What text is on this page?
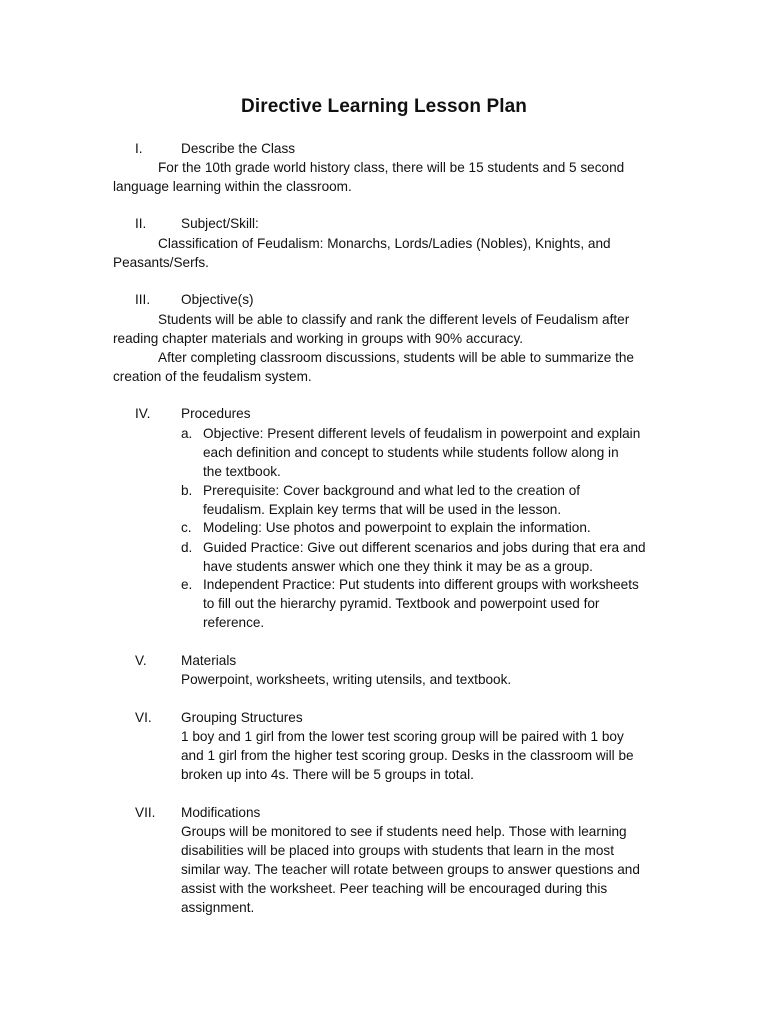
Directive Learning Lesson Plan
I.	Describe the Class
For the 10th grade world history class, there will be 15 students and 5 second
language learning within the classroom.
II.	Subject/Skill:
Classification of Feudalism: Monarchs, Lords/Ladies (Nobles), Knights, and
Peasants/Serfs.
III. Objective(s)
Students will be able to classify and rank the different levels of Feudalism after
reading chapter materials and working in groups with 90% accuracy.
After completing classroom discussions, students will be able to summarize the
creation of the feudalism system.
IV. Procedures
a. Objective: Present different levels of feudalism in powerpoint and explain
each definition and concept to students while students follow along in
the textbook.
b. Prerequisite: Cover background and what led to the creation of
feudalism. Explain key terms that will be used in the lesson.
c. Modeling: Use photos and powerpoint to explain the information.
d. Guided Practice: Give out different scenarios and jobs during that era and
have students answer which one they think it may be as a group.
e. Independent Practice: Put students into different groups with worksheets
to fill out the hierarchy pyramid. Textbook and powerpoint used for
reference.
V.	Materials
Powerpoint, worksheets, writing utensils, and textbook.
VI. Grouping Structures
1 boy and 1 girl from the lower test scoring group will be paired with 1 boy
and 1 girl from the higher test scoring group. Desks in the classroom will be
broken up into 4s. There will be 5 groups in total.
VII. Modifications
Groups will be monitored to see if students need help. Those with learning
disabilities will be placed into groups with students that learn in the most
similar way. The teacher will rotate between groups to answer questions and
assist with the worksheet. Peer teaching will be encouraged during this
assignment.
